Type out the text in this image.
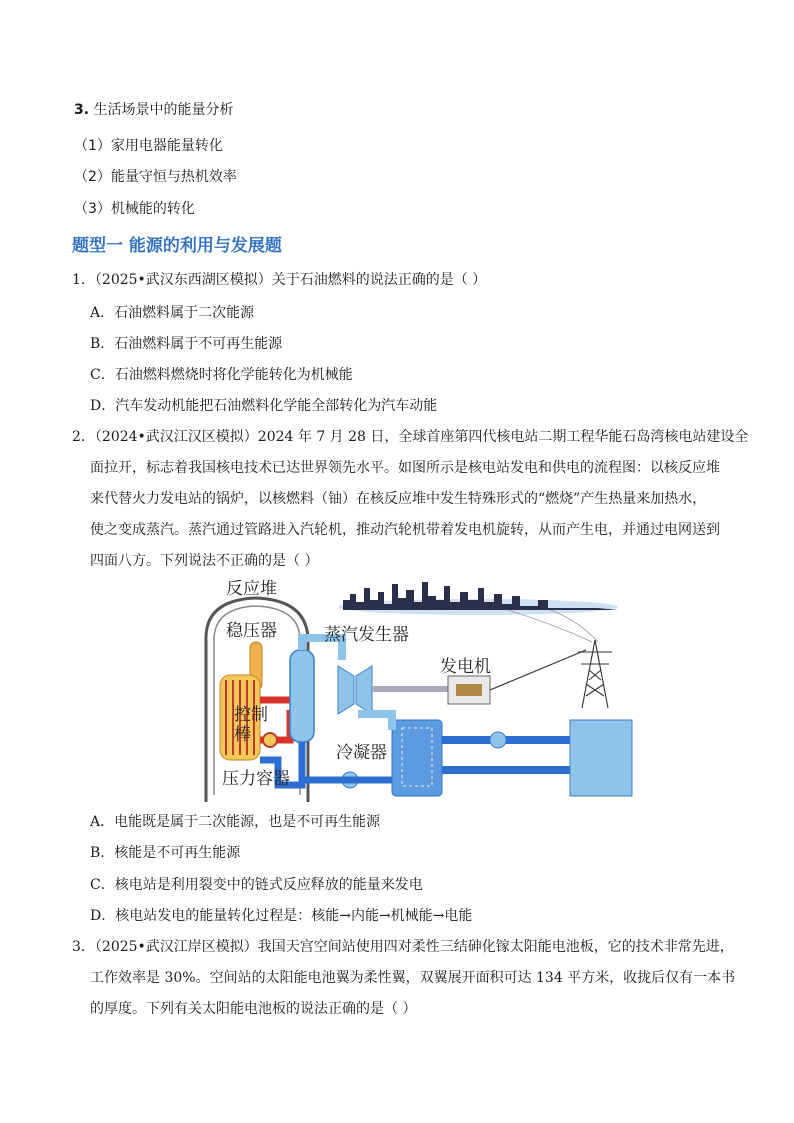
3. 生活场景中的能量分析
（1）家用电器能量转化
（2）能量守恒与热机效率
（3）机械能的转化
题型一 能源的利用与发展题
1．（2025•武汉东西湖区模拟）关于石油燃料的说法正确的是（ ）
A．石油燃料属于二次能源
B．石油燃料属于不可再生能源
C．石油燃料燃烧时将化学能转化为机械能
D．汽车发动机能把石油燃料化学能全部转化为汽车动能
2．（2024•武汉江汉区模拟）2024 年 7 月 28 日，全球首座第四代核电站二期工程华能石岛湾核电站建设全
面拉开，标志着我国核电技术已达世界领先水平。如图所示是核电站发电和供电的流程图：以核反应堆
来代替火力发电站的锅炉，以核燃料（铀）在核反应堆中发生特殊形式的“燃烧”产生热量来加热水，
使之变成蒸汽。蒸汽通过管路进入汽轮机，推动汽轮机带着发电机旋转，从而产生电，并通过电网送到
四面八方。下列说法不正确的是（ ）
反应堆
稳压器	蒸汽发生器
发电机
控制
棒
冷凝器
压力容器
A．电能既是属于二次能源，也是不可再生能源
B．核能是不可再生能源
C．核电站是利用裂变中的链式反应释放的能量来发电
D．核电站发电的能量转化过程是：核能→内能→机械能→电能
3．（2025•武汉江岸区模拟）我国天宫空间站使用四对柔性三结砷化镓太阳能电池板，它的技术非常先进，
工作效率是 30%。空间站的太阳能电池翼为柔性翼，双翼展开面积可达 134 平方米，收拢后仅有一本书
的厚度。下列有关太阳能电池板的说法正确的是（ ）
